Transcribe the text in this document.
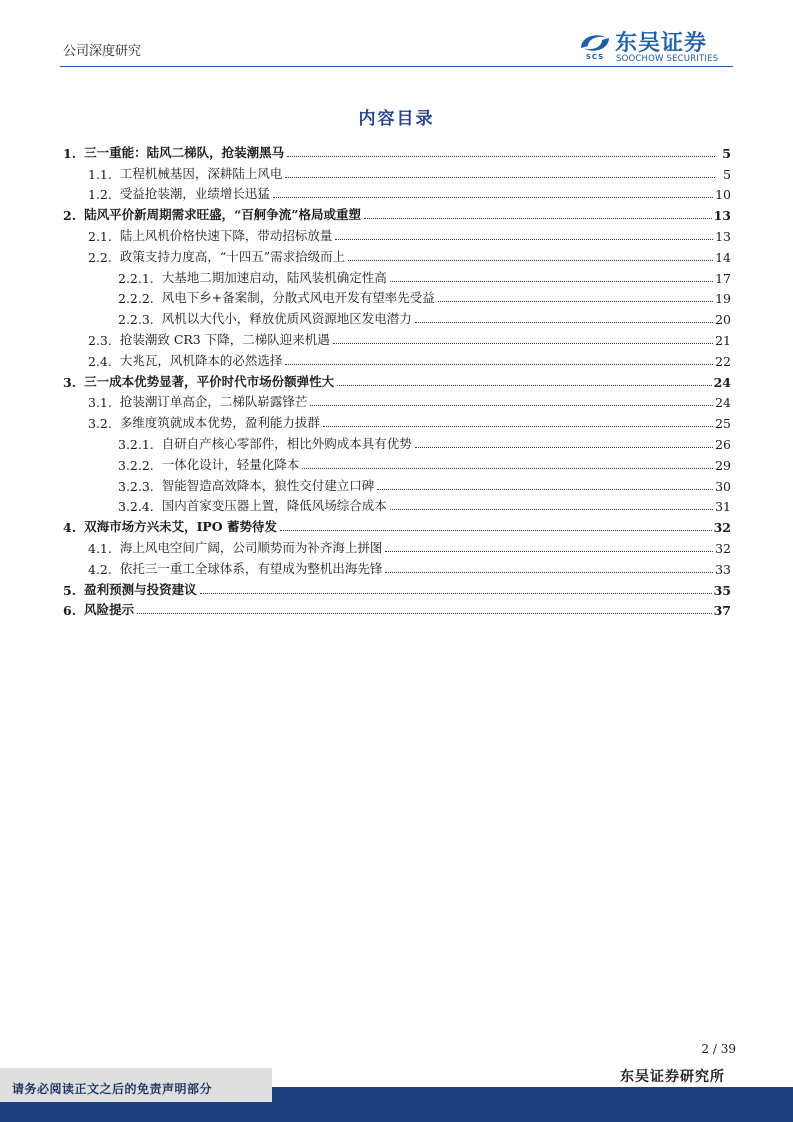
公司深度研究	SCS
东吴证券
SOOCHOW SECURITIES
内容目录
1. 三一重能：陆风二梯队，抢装潮黑马	5
1.1. 工程机械基因，深耕陆上风电	5
1.2. 受益抢装潮，业绩增长迅猛	10
2. 陆风平价新周期需求旺盛，“百舸争流”格局或重塑	13
2.1. 陆上风机价格快速下降，带动招标放量	13
2.2. 政策支持力度高，“十四五”需求拾级而上	14
2.2.1. 大基地二期加速启动，陆风装机确定性高	17
2.2.2. 风电下乡+备案制，分散式风电开发有望率先受益	19
2.2.3. 风机以大代小，释放优质风资源地区发电潜力	20
2.3. 抢装潮致 CR3 下降，二梯队迎来机遇	21
2.4. 大兆瓦，风机降本的必然选择	22
3. 三一成本优势显著，平价时代市场份额弹性大	24
3.1. 抢装潮订单高企，二梯队崭露锋芒	24
3.2. 多维度筑就成本优势，盈利能力拔群	25
3.2.1. 自研自产核心零部件，相比外购成本具有优势	26
3.2.2. 一体化设计，轻量化降本	29
3.2.3. 智能智造高效降本，狼性交付建立口碑	30
3.2.4. 国内首家变压器上置，降低风场综合成本	31
4. 双海市场方兴未艾，IPO 蓄势待发	32
4.1. 海上风电空间广阔，公司顺势而为补齐海上拼图	32
4.2. 依托三一重工全球体系，有望成为整机出海先锋	33
5. 盈利预测与投资建议	35
6. 风险提示	37
2 / 39
东吴证券研究所
请务必阅读正文之后的免责声明部分
